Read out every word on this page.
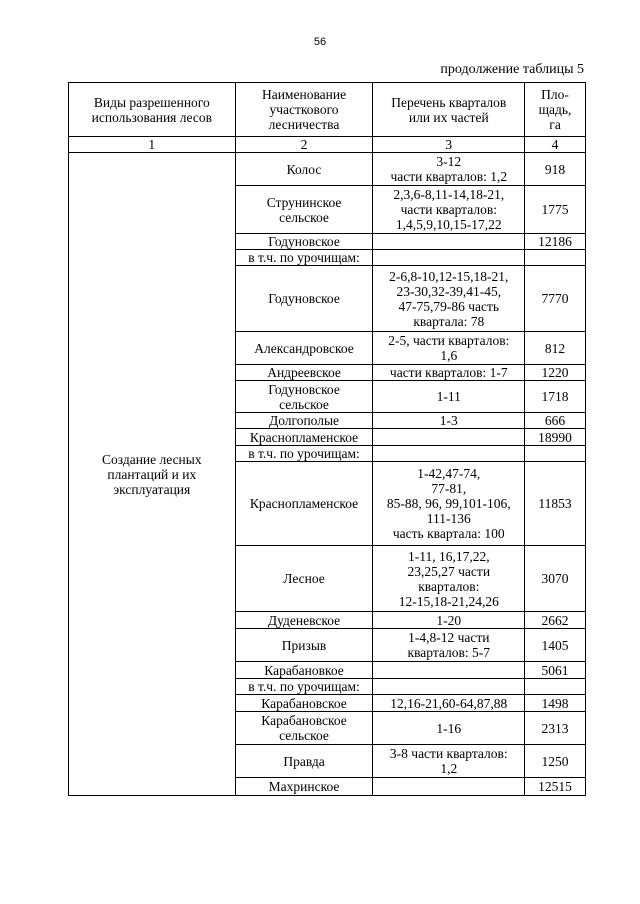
56
продолжение таблицы 5
Виды разрешенного
использования лесов	Наименование
участкового
лесничества	Перечень кварталов
или их частей	Пло-
щадь,
га
1	2	3	4
Создание лесных
плантаций и их
эксплуатация	Колос	3-12
части кварталов: 1,2	918
	Струнинское
сельское	2,3,6-8,11-14,18-21,
части кварталов:
1,4,5,9,10,15-17,22	1775
	Годуновское		12186
	в т.ч. по урочищам:		
	Годуновское	2-6,8-10,12-15,18-21,
23-30,32-39,41-45,
47-75,79-86 часть
квартала: 78	7770
	Александровское	2-5, части кварталов:
1,6	812
	Андреевское	части кварталов: 1-7	1220
	Годуновское
сельское	1-11	1718
	Долгополые	1-3	666
	Краснопламенское		18990
	в т.ч. по урочищам:		
	Краснопламенское	1-42,47-74,
77-81,
85-88, 96, 99,101-106,
111-136
часть квартала: 100	11853
	Лесное	1-11, 16,17,22,
23,25,27 части
кварталов:
12-15,18-21,24,26	3070
	Дуденевское	1-20	2662
	Призыв	1-4,8-12 части
кварталов: 5-7	1405
	Карабановкое		5061
	в т.ч. по урочищам:		
	Карабановское	12,16-21,60-64,87,88	1498
	Карабановское
сельское	1-16	2313
	Правда	3-8 части кварталов:
1,2	1250
	Махринское		12515
